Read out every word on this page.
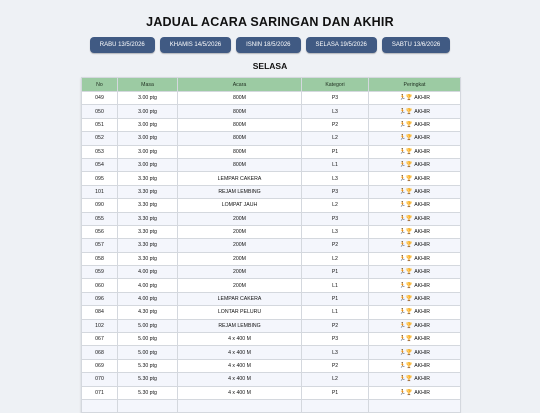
JADUAL ACARA SARINGAN DAN AKHIR
RABU 13/5/2026	KHAMIS 14/5/2026	ISNIN 18/5/2026	SELASA 19/5/2026	SABTU 13/6/2026
SELASA
No	Masa	Acara	Kategori	Peringkat
049	3.00 ptg	800M	P3	🏃🏆 AKHIR
050	3.00 ptg	800M	L3	🏃🏆 AKHIR
051	3.00 ptg	800M	P2	🏃🏆 AKHIR
052	3.00 ptg	800M	L2	🏃🏆 AKHIR
053	3.00 ptg	800M	P1	🏃🏆 AKHIR
054	3.00 ptg	800M	L1	🏃🏆 AKHIR
095	3.30 ptg	LEMPAR CAKERA	L3	🏃🏆 AKHIR
101	3.30 ptg	REJAM LEMBING	P3	🏃🏆 AKHIR
090	3.30 ptg	LOMPAT JAUH	L2	🏃🏆 AKHIR
055	3.30 ptg	200M	P3	🏃🏆 AKHIR
056	3.30 ptg	200M	L3	🏃🏆 AKHIR
057	3.30 ptg	200M	P2	🏃🏆 AKHIR
058	3.30 ptg	200M	L2	🏃🏆 AKHIR
059	4.00 ptg	200M	P1	🏃🏆 AKHIR
060	4.00 ptg	200M	L1	🏃🏆 AKHIR
096	4.00 ptg	LEMPAR CAKERA	P1	🏃🏆 AKHIR
084	4.30 ptg	LONTAR PELURU	L1	🏃🏆 AKHIR
102	5.00 ptg	REJAM LEMBING	P2	🏃🏆 AKHIR
067	5.00 ptg	4 x 400 M	P3	🏃🏆 AKHIR
068	5.00 ptg	4 x 400 M	L3	🏃🏆 AKHIR
069	5.30 ptg	4 x 400 M	P2	🏃🏆 AKHIR
070	5.30 ptg	4 x 400 M	L2	🏃🏆 AKHIR
071	5.30 ptg	4 x 400 M	P1	🏃🏆 AKHIR
